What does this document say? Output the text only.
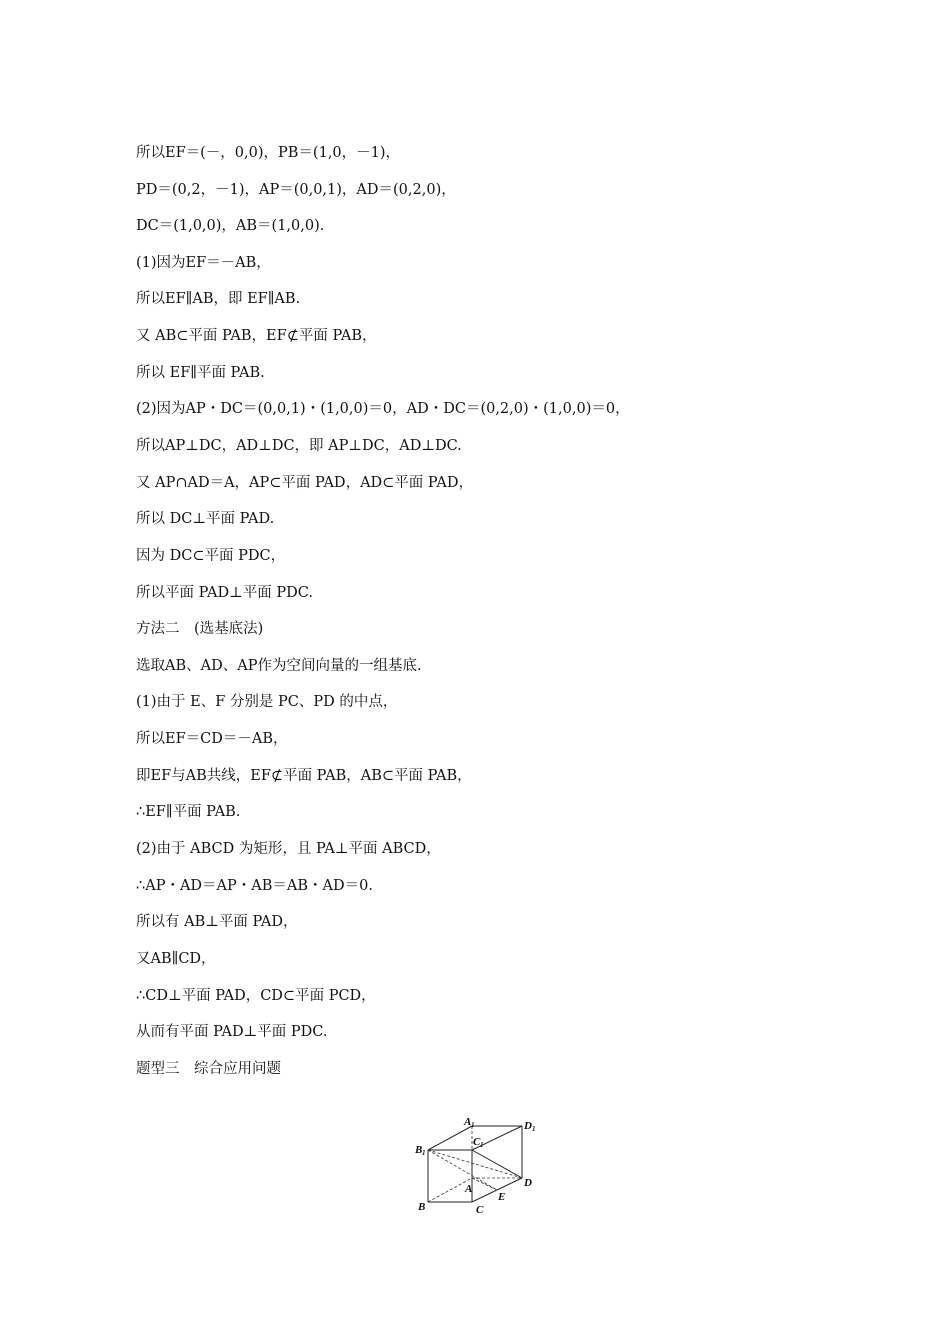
所以EF＝(－，0,0)，PB＝(1,0，－1)，
PD＝(0,2，－1)，AP＝(0,0,1)，AD＝(0,2,0)，
DC＝(1,0,0)，AB＝(1,0,0).
(1)因为EF＝－AB，
所以EF∥AB，即 EF∥AB.
又 AB⊂平面 PAB，EF⊄平面 PAB，
所以 EF∥平面 PAB.
(2)因为AP・DC＝(0,0,1)・(1,0,0)＝0，AD・DC＝(0,2,0)・(1,0,0)＝0，
所以AP⊥DC，AD⊥DC，即 AP⊥DC，AD⊥DC.
又 AP∩AD＝A，AP⊂平面 PAD，AD⊂平面 PAD，
所以 DC⊥平面 PAD.
因为 DC⊂平面 PDC，
所以平面 PAD⊥平面 PDC.
方法二　(选基底法)
选取AB、AD、AP作为空间向量的一组基底.
(1)由于 E、F 分别是 PC、PD 的中点，
所以EF＝CD＝－AB，
即EF与AB共线，EF⊄平面 PAB，AB⊂平面 PAB，
∴EF∥平面 PAB.
(2)由于 ABCD 为矩形，且 PA⊥平面 ABCD，
∴AP・AD＝AP・AB＝AB・AD＝0.
所以有 AB⊥平面 PAD，
又AB∥CD，
∴CD⊥平面 PAD，CD⊂平面 PCD，
从而有平面 PAD⊥平面 PDC.
题型三　综合应用问题
A 1	D 1
C 1
B 1
A	D
E
B	C
